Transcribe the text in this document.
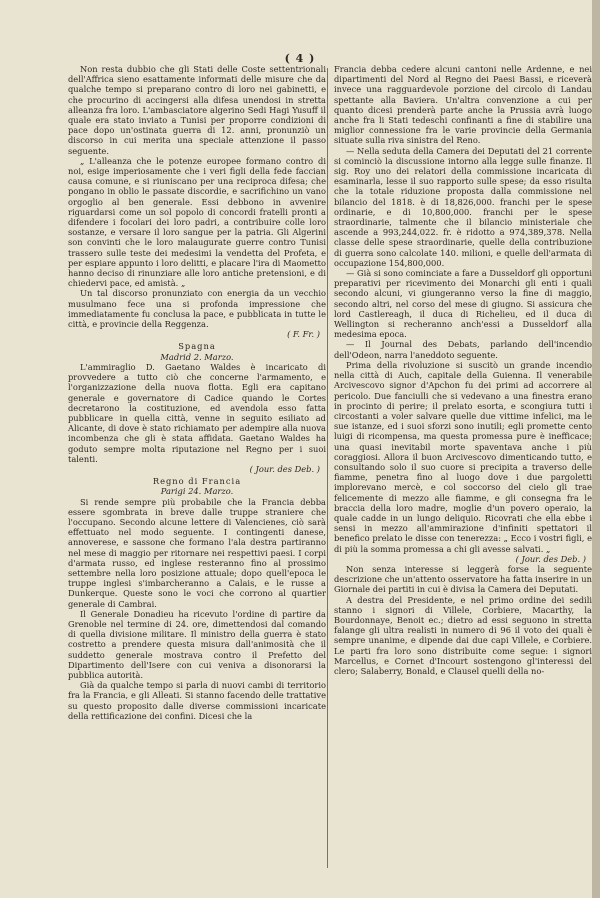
( 4 )

Non resta dubbio che gli Stati delle Coste settentrionali dell'Affrica sieno esattamente informati delle misure che da qualche tempo si preparano contro di loro nei gabinetti, e che procurino di accingersi alla difesa unendosi in stretta alleanza fra loro. L'ambasciatore algerino Sedi Hagi Yusuff il quale era stato inviato a Tunisi per proporre condizioni di pace dopo un'ostinata guerra di 12. anni, pronunziò un discorso in cui merita una speciale attenzione il passo seguente.

„ L'alleanza che le potenze europee formano contro di noi, esige imperiosamente che i veri figli della fede faccian causa comune, e si riuniscano per una reciproca difesa; che pongano in oblio le passate discordie, e sacrifichino un vano orgoglio al ben generale. Essi debbono in avvenire riguardarsi come un sol popolo di concordi fratelli pronti a difendere i focolari dei loro padri, a contribuire colle loro sostanze, e versare il loro sangue per la patria. Gli Algerini son convinti che le loro malaugurate guerre contro Tunisi trassero sulle teste dei medesimi la vendetta del Profeta, e per espiare appunto i loro delitti, e placare l'ira di Maometto hanno deciso di rinunziare alle loro antiche pretensioni, e di chiedervi pace, ed amistà. „

Un tal discorso pronunziato con energia da un vecchio musulmano fece una si profonda impressione che immediatamente fu conclusa la pace, e pubblicata in tutte le città, e provincie della Reggenza.

( F. Fr. )

Spagna

Madrid 2. Marzo.

L'ammiraglio D. Gaetano Waldes è incaricato di provvedere a tutto ciò che concerne l'armamento, e l'organizzazione della nuova flotta. Egli era capitano generale e governatore di Cadice quando le Cortes decretarono la costituzione, ed avendola esso fatta pubblicare in quella città, venne in seguito esiliato ad Alicante, di dove è stato richiamato per adempire alla nuova incombenza che gli è stata affidata. Gaetano Waldes ha goduto sempre molta riputazione nel Regno per i suoi talenti.

( Jour. des Deb. )

Regno di Francia

Parigi 24. Marzo.

Si rende sempre più probabile che la Francia debba essere sgombrata in breve dalle truppe straniere che l'occupano. Secondo alcune lettere di Valencienes, ciò sarà effettuato nel modo seguente. I contingenti danese, annoverese, e sassone che formano l'ala destra partiranno nel mese di maggio per ritornare nei respettivi paesi. I corpi d'armata russo, ed inglese resteranno fino al prossimo settembre nella loro posizione attuale; dopo quell'epoca le truppe inglesi s'imbarcheranno a Calais, e le russe a Dunkerque. Queste sono le voci che corrono al quartier generale di Cambrai.

Il Generale Donadieu ha ricevuto l'ordine di partire da Grenoble nel termine di 24. ore, dimettendosi dal comando di quella divisione militare. Il ministro della guerra è stato costretto a prendere questa misura dall'animosità che il suddetto generale mostrava contro il Prefetto del Dipartimento dell'Isere con cui veniva a disonorarsi la pubblica autorità.

Già da qualche tempo si parla di nuovi cambi di territorio fra la Francia, e gli Alleati. Si stanno facendo delle trattative su questo proposito dalle diverse commissioni incaricate della rettificazione dei confini. Dicesi che la

Francia debba cedere alcuni cantoni nelle Ardenne, e nei dipartimenti del Nord al Regno dei Paesi Bassi, e riceverà invece una ragguardevole porzione del circolo di Landau spettante alla Baviera. Un'altra convenzione a cui per quanto dicesi prenderà parte anche la Prussia avrà luogo anche fra li Stati tedeschi confinanti a fine di stabilire una miglior connessione fra le varie provincie della Germania situate sulla riva sinistra del Reno.

— Nella seduta della Camera dei Deputati del 21 corrente si cominciò la discussione intorno alla legge sulle finanze. Il sig. Roy uno dei relatori della commissione incaricata di esaminarla, lesse il suo rapporto sulle spese; da esso risulta che la totale riduzione proposta dalla commissione nel bilancio del 1818. è di 18,826,000. franchi per le spese ordinarie, e di 10,800,000. franchi per le spese straordinarie, talmente che il bilancio ministeriale che ascende a 993,244,022. fr. è ridotto a 974,389,378. Nella classe delle spese straordinarie, quelle della contribuzione di guerra sono calcolate 140. milioni, e quelle dell'armata di occupazione 154,800,000.

— Già si sono cominciate a fare a Dusseldorf gli opportuni preparativi per ricevimento dei Monarchi gli enti i quali secondo alcuni, vi giungeranno verso la fine di maggio, secondo altri, nel corso del mese di giugno. Si assicura che lord Castlereagh, il duca di Richelieu, ed il duca di Wellington si recheranno anch'essi a Dusseldorf alla medesima epoca.

— Il Journal des Debats, parlando dell'incendio dell'Odeon, narra l'aneddoto seguente.

Prima della rivoluzione si suscitò un grande incendio nella città di Auch, capitale della Guienna. Il venerabile Arcivescovo signor d'Apchon fu dei primi ad accorrere al pericolo. Due fanciulli che si vedevano a una finestra erano in procinto di perire; il prelato esorta, e scongiura tutti i circostanti a voler salvare quelle due vittime infelici, ma le sue istanze, ed i suoi sforzi sono inutili; egli promette cento luigi di ricompensa, ma questa promessa pure è inefficace; una quasi inevitabil morte spaventava anche i più coraggiosi. Allora il buon Arcivescovo dimenticando tutto, e consultando solo il suo cuore si precipita a traverso delle fiamme, penetra fino al luogo dove i due pargoletti implorevano mercè, e col soccorso del cielo gli trae felicemente di mezzo alle fiamme, e gli consegna fra le braccia della loro madre, moglie d'un povero operaio, la quale cadde in un lungo deliquio. Ricovrati che ella ebbe i sensi in mezzo all'ammirazione d'infiniti spettatori il benefico prelato le disse con tenerezza: „ Ecco i vostri figli, e di più la somma promessa a chi gli avesse salvati. „

( Jour. des Deb. )

Non senza interesse si leggerà forse la seguente descrizione che un'attento osservatore ha fatta inserire in un Giornale dei partiti in cui è divisa la Camera dei Deputati.

A destra del Presidente, e nel primo ordine dei sedili stanno i signori di Villele, Corbiere, Macarthy, la Bourdonnaye, Benoit ec.; dietro ad essi seguono in stretta falange gli ultra realisti in numero di 96 il voto dei quali è sempre unanime, e dipende dai due capi Villele, e Corbiere. Le parti fra loro sono distribuite come segue: i signori Marcellus, e Cornet d'Incourt sostengono gl'interessi del clero; Salaberry, Bonald, e Clausel quelli della no-
